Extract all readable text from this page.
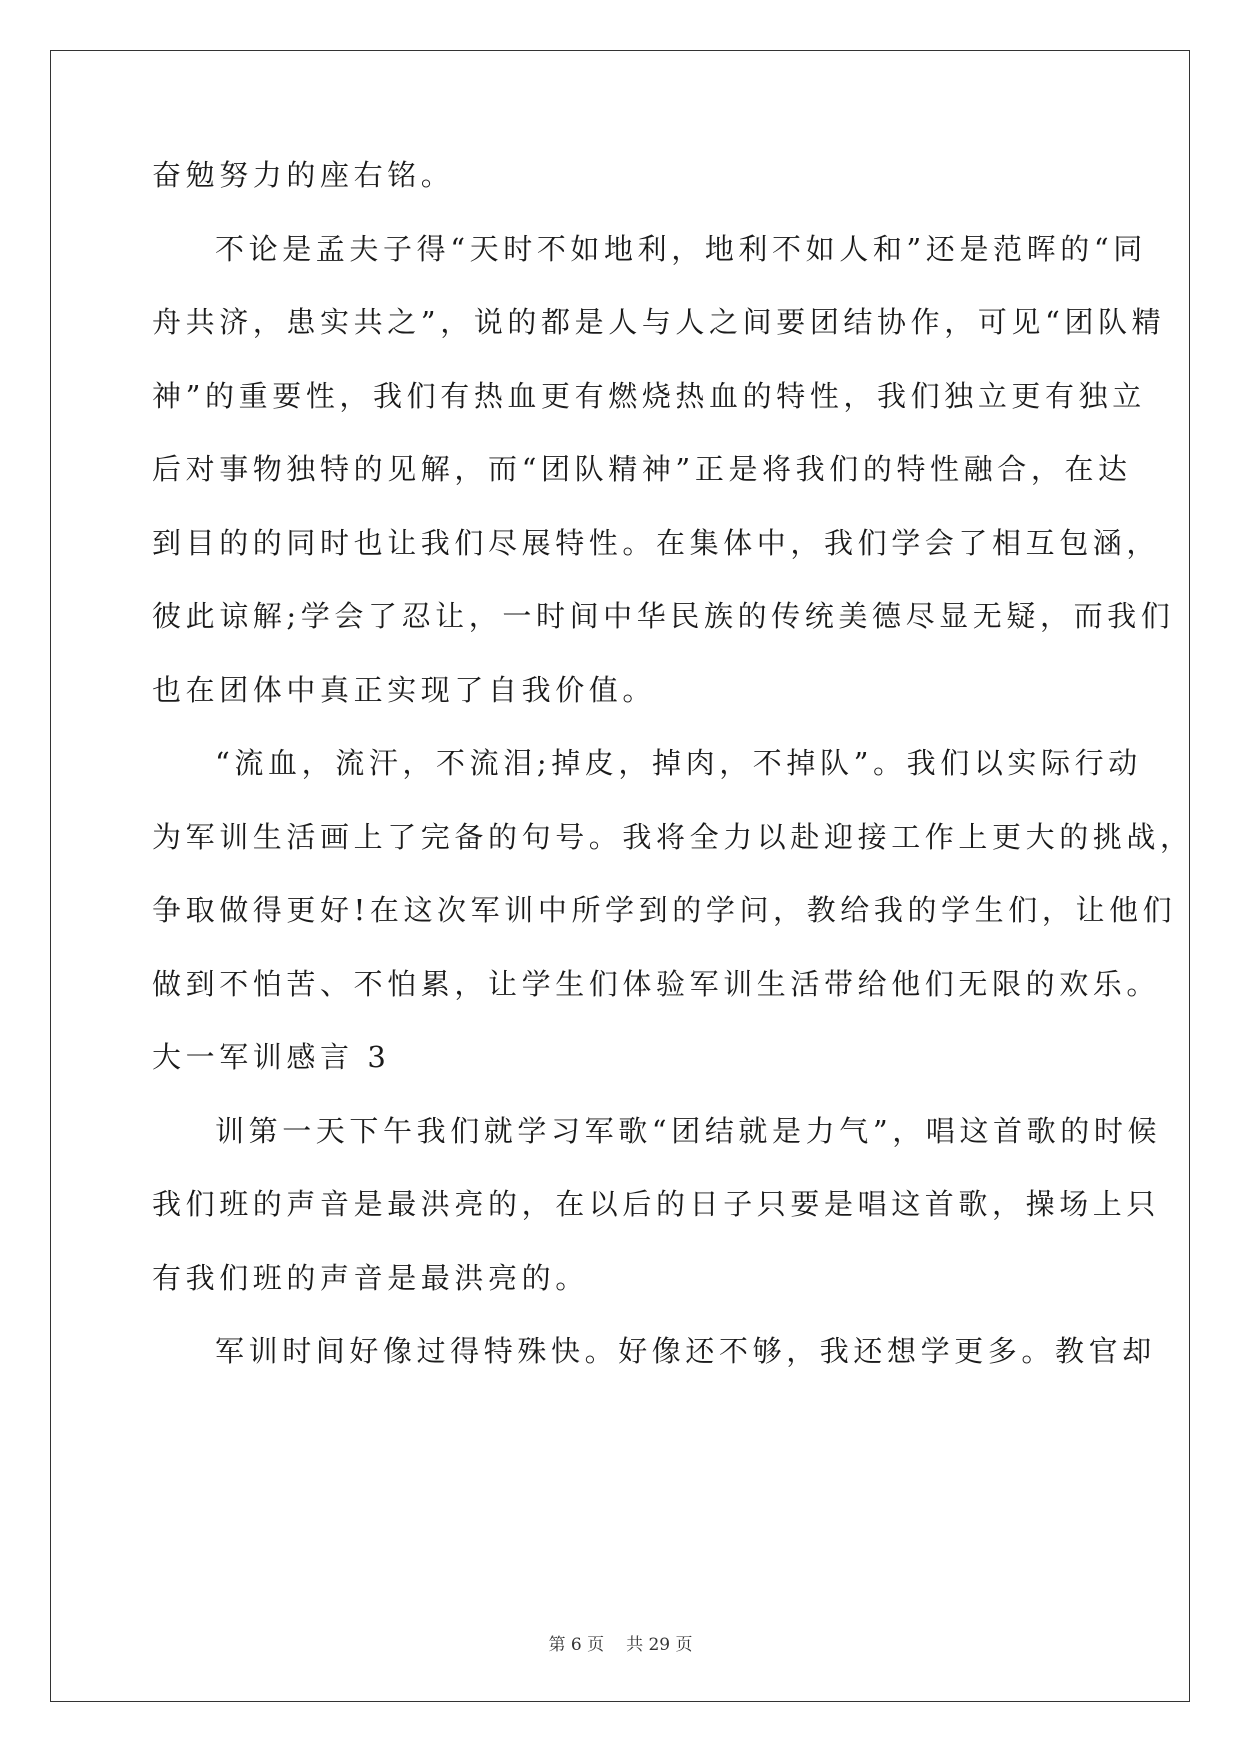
奋勉努力的座右铭。
不论是孟夫子得“天时不如地利，地利不如人和”还是范晖的“同
舟共济，患实共之”，说的都是人与人之间要团结协作，可见“团队精
神”的重要性，我们有热血更有燃烧热血的特性，我们独立更有独立
后对事物独特的见解，而“团队精神”正是将我们的特性融合，在达
到目的的同时也让我们尽展特性。在集体中，我们学会了相互包涵，
彼此谅解;学会了忍让，一时间中华民族的传统美德尽显无疑，而我们
也在团体中真正实现了自我价值。
“流血，流汗，不流泪;掉皮，掉肉，不掉队”。我们以实际行动
为军训生活画上了完备的句号。我将全力以赴迎接工作上更大的挑战，
争取做得更好!在这次军训中所学到的学问，教给我的学生们，让他们
做到不怕苦、不怕累，让学生们体验军训生活带给他们无限的欢乐。
大一军训感言 3
训第一天下午我们就学习军歌“团结就是力气”，唱这首歌的时候
我们班的声音是最洪亮的，在以后的日子只要是唱这首歌，操场上只
有我们班的声音是最洪亮的。
军训时间好像过得特殊快。好像还不够，我还想学更多。教官却
第 6 页 共 29 页
